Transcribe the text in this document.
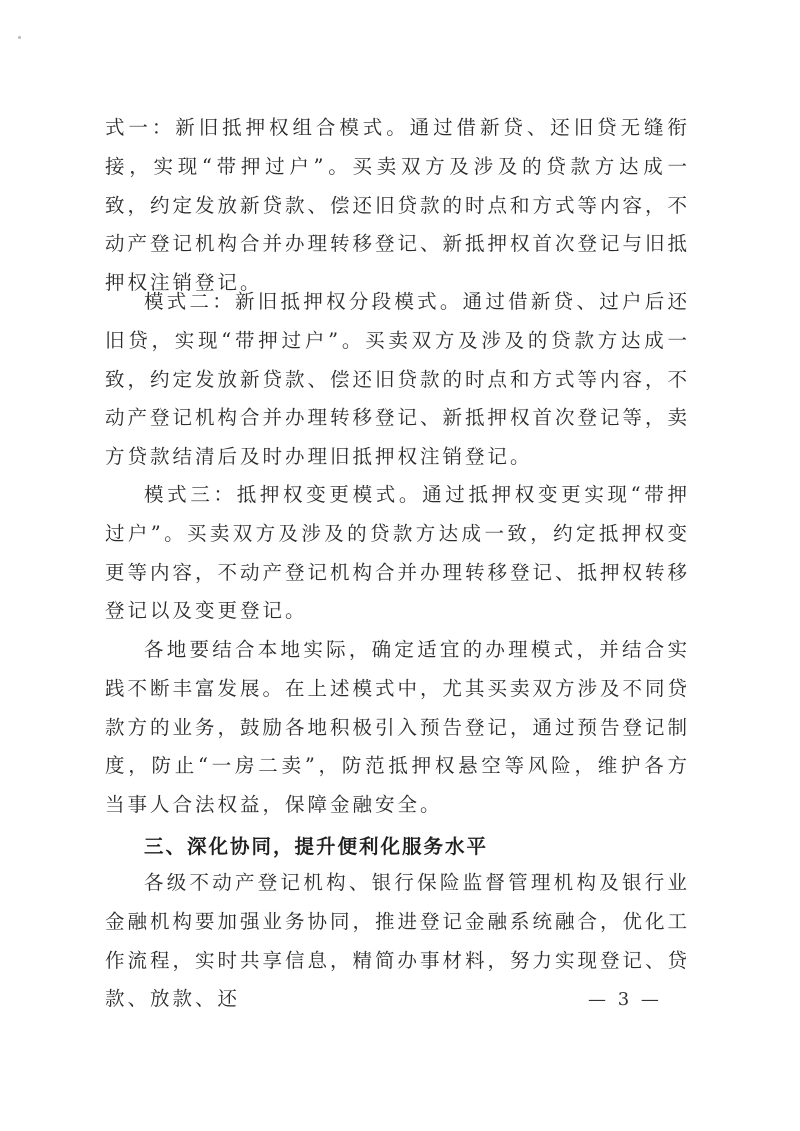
式一：新旧抵押权组合模式。通过借新贷、还旧贷无缝衔接，实现“带押过户”。买卖双方及涉及的贷款方达成一致，约定发放新贷款、偿还旧贷款的时点和方式等内容，不动产登记机构合并办理转移登记、新抵押权首次登记与旧抵押权注销登记。

模式二：新旧抵押权分段模式。通过借新贷、过户后还旧贷，实现“带押过户”。买卖双方及涉及的贷款方达成一致，约定发放新贷款、偿还旧贷款的时点和方式等内容，不动产登记机构合并办理转移登记、新抵押权首次登记等，卖方贷款结清后及时办理旧抵押权注销登记。

模式三：抵押权变更模式。通过抵押权变更实现“带押过户”。买卖双方及涉及的贷款方达成一致，约定抵押权变更等内容，不动产登记机构合并办理转移登记、抵押权转移登记以及变更登记。

各地要结合本地实际，确定适宜的办理模式，并结合实践不断丰富发展。在上述模式中，尤其买卖双方涉及不同贷款方的业务，鼓励各地积极引入预告登记，通过预告登记制度，防止“一房二卖”，防范抵押权悬空等风险，维护各方当事人合法权益，保障金融安全。

三、深化协同，提升便利化服务水平

各级不动产登记机构、银行保险监督管理机构及银行业金融机构要加强业务协同，推进登记金融系统融合，优化工作流程，实时共享信息，精简办事材料，努力实现登记、贷款、放款、还	— 3 —
